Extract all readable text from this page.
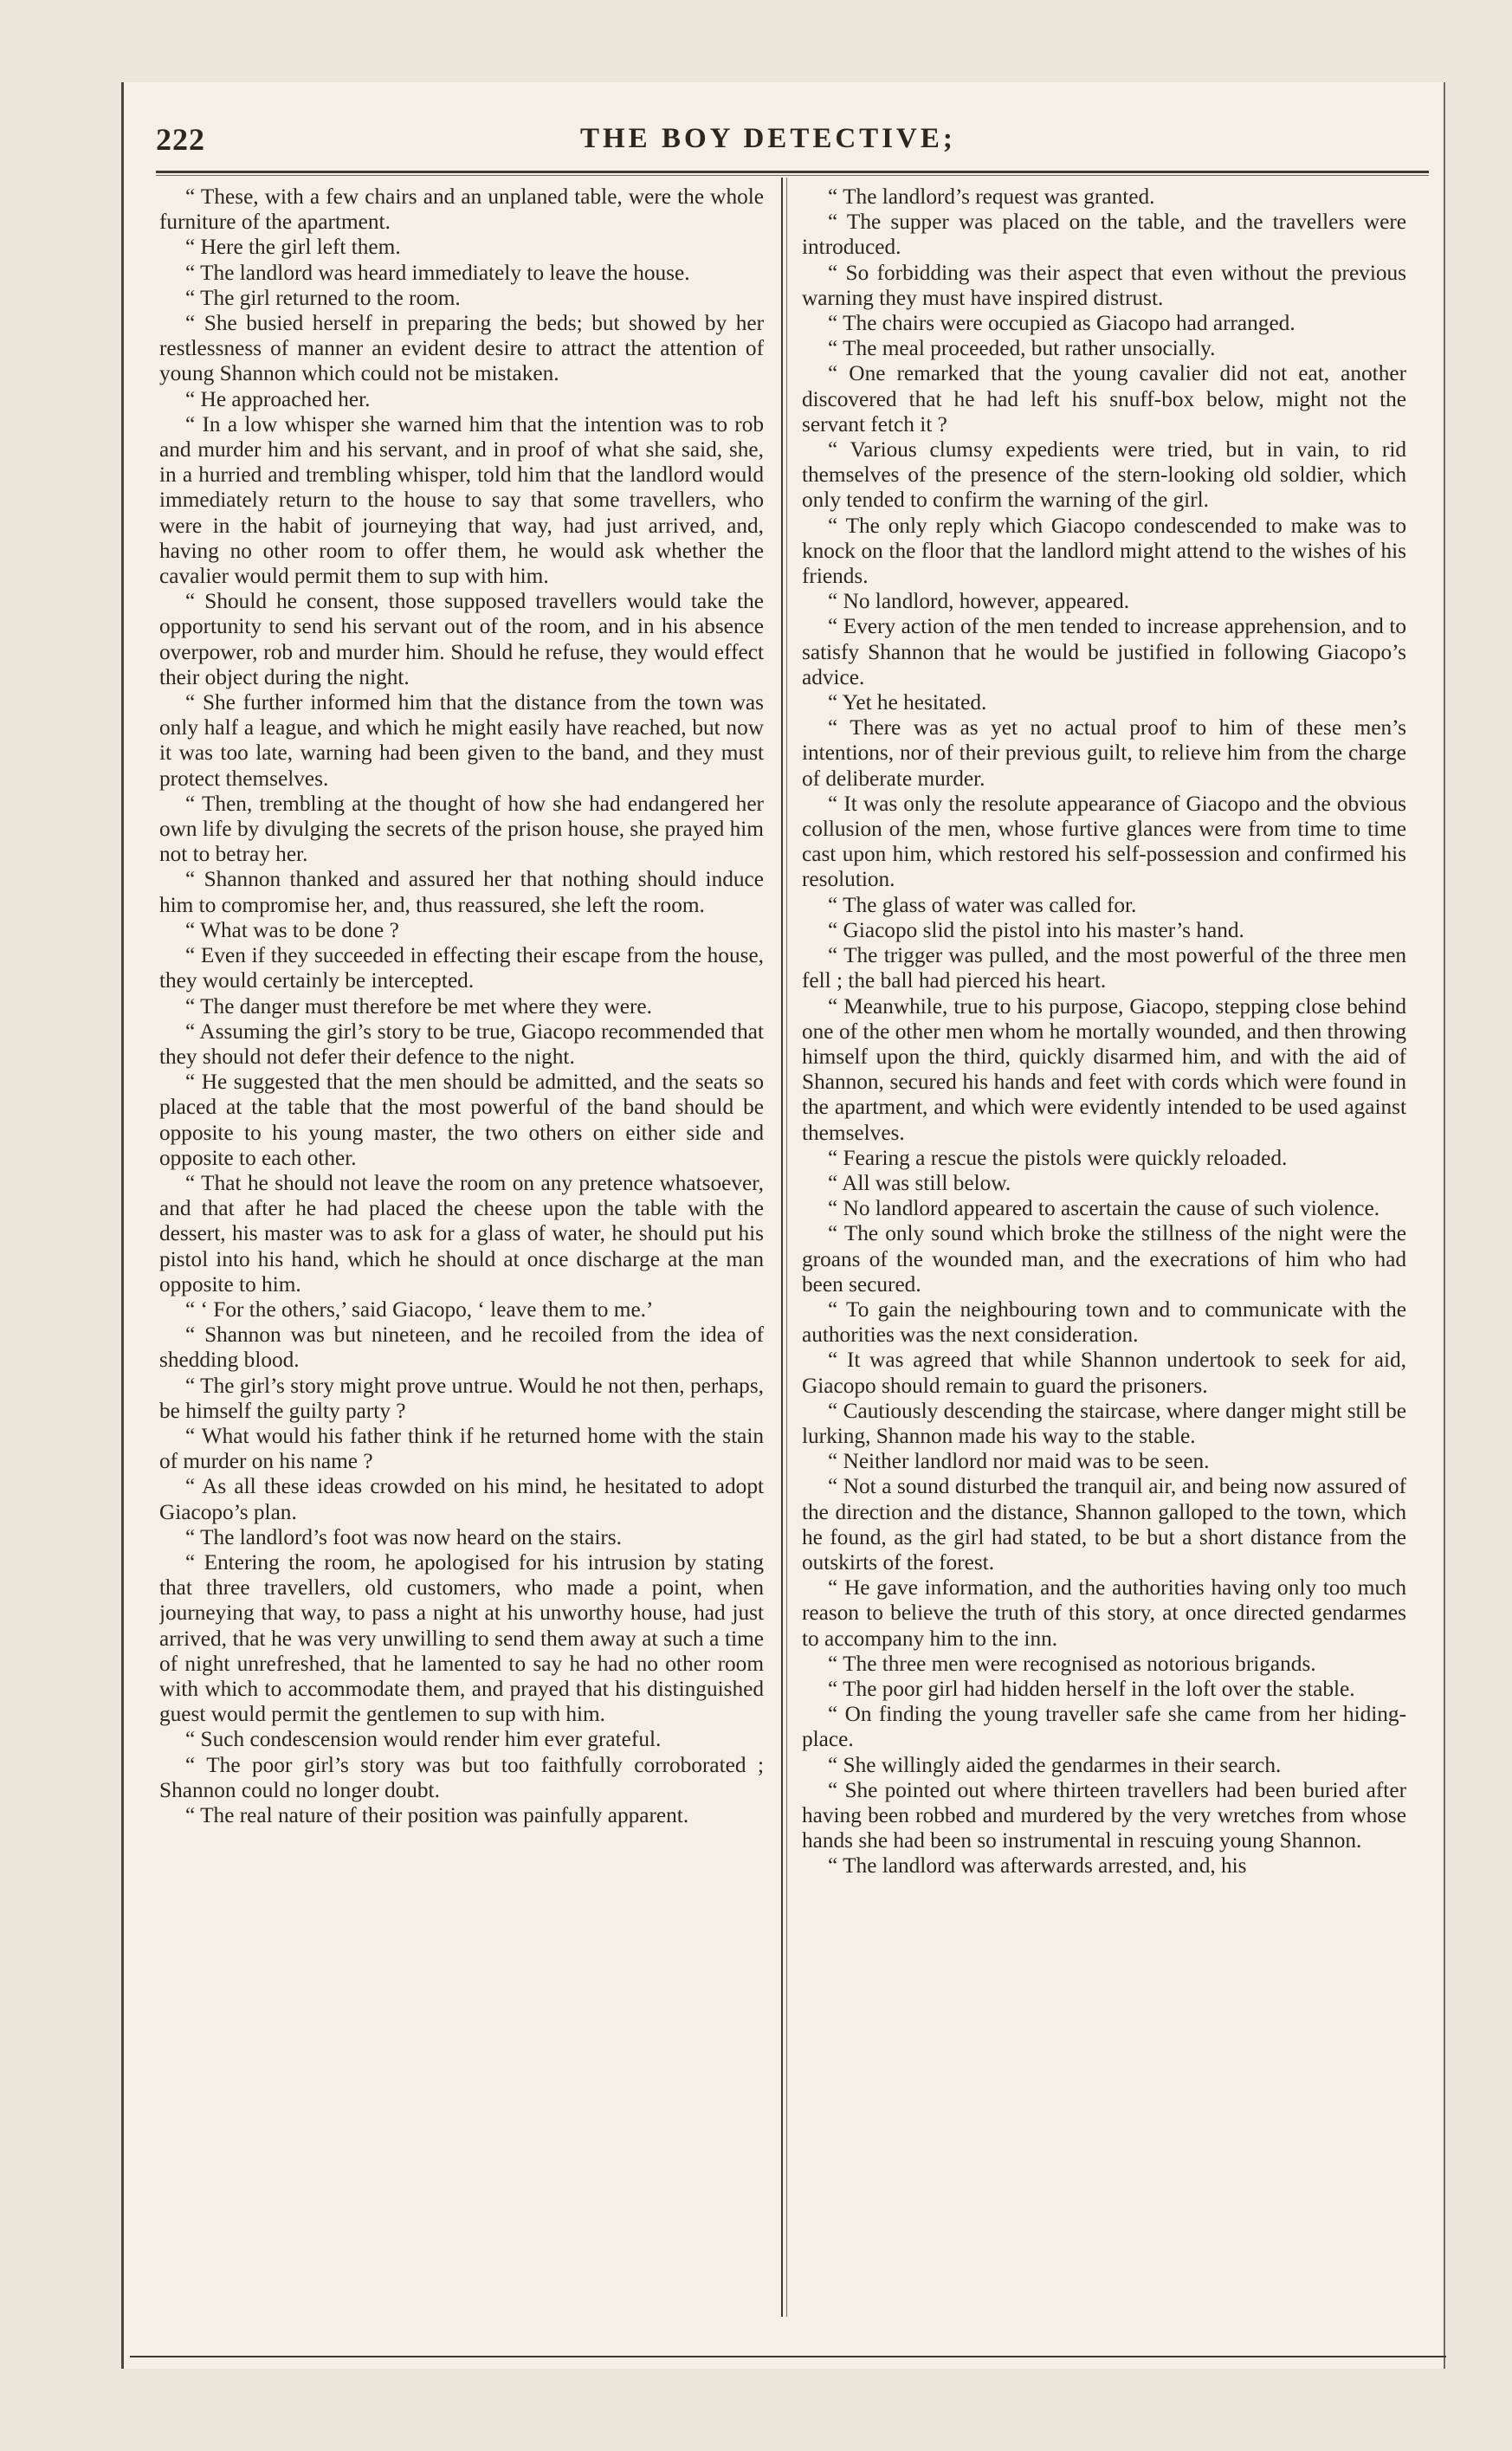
222	THE BOY DETECTIVE;

“ These, with a few chairs and an unplaned table, were the whole furniture of the apartment.

“ Here the girl left them.

“ The landlord was heard immediately to leave the house.

“ The girl returned to the room.

“ She busied herself in preparing the beds; but showed by her restlessness of manner an evident desire to attract the attention of young Shannon which could not be mistaken.

“ He approached her.

“ In a low whisper she warned him that the intention was to rob and murder him and his servant, and in proof of what she said, she, in a hurried and trembling whisper, told him that the landlord would immediately return to the house to say that some travellers, who were in the habit of journeying that way, had just arrived, and, having no other room to offer them, he would ask whether the cavalier would permit them to sup with him.

“ Should he consent, those supposed travellers would take the opportunity to send his servant out of the room, and in his absence overpower, rob and murder him. Should he refuse, they would effect their object during the night.

“ She further informed him that the distance from the town was only half a league, and which he might easily have reached, but now it was too late, warning had been given to the band, and they must protect themselves.

“ Then, trembling at the thought of how she had endangered her own life by divulging the secrets of the prison house, she prayed him not to betray her.

“ Shannon thanked and assured her that nothing should induce him to compromise her, and, thus reassured, she left the room.

“ What was to be done ?

“ Even if they succeeded in effecting their escape from the house, they would certainly be intercepted.

“ The danger must therefore be met where they were.

“ Assuming the girl’s story to be true, Giacopo recommended that they should not defer their defence to the night.

“ He suggested that the men should be admitted, and the seats so placed at the table that the most powerful of the band should be opposite to his young master, the two others on either side and opposite to each other.

“ That he should not leave the room on any pretence whatsoever, and that after he had placed the cheese upon the table with the dessert, his master was to ask for a glass of water, he should put his pistol into his hand, which he should at once discharge at the man opposite to him.

“ ‘ For the others,’ said Giacopo, ‘ leave them to me.’

“ Shannon was but nineteen, and he recoiled from the idea of shedding blood.

“ The girl’s story might prove untrue. Would he not then, perhaps, be himself the guilty party ?

“ What would his father think if he returned home with the stain of murder on his name ?

“ As all these ideas crowded on his mind, he hesitated to adopt Giacopo’s plan.

“ The landlord’s foot was now heard on the stairs.

“ Entering the room, he apologised for his intrusion by stating that three travellers, old customers, who made a point, when journeying that way, to pass a night at his unworthy house, had just arrived, that he was very unwilling to send them away at such a time of night unrefreshed, that he lamented to say he had no other room with which to accommodate them, and prayed that his distinguished guest would permit the gentlemen to sup with him.

“ Such condescension would render him ever grateful.

“ The poor girl’s story was but too faithfully corroborated ; Shannon could no longer doubt.

“ The real nature of their position was painfully apparent.

“ The landlord’s request was granted.

“ The supper was placed on the table, and the travellers were introduced.

“ So forbidding was their aspect that even without the previous warning they must have inspired distrust.

“ The chairs were occupied as Giacopo had arranged.

“ The meal proceeded, but rather unsocially.

“ One remarked that the young cavalier did not eat, another discovered that he had left his snuff-box below, might not the servant fetch it ?

“ Various clumsy expedients were tried, but in vain, to rid themselves of the presence of the stern-looking old soldier, which only tended to confirm the warning of the girl.

“ The only reply which Giacopo condescended to make was to knock on the floor that the landlord might attend to the wishes of his friends.

“ No landlord, however, appeared.

“ Every action of the men tended to increase apprehension, and to satisfy Shannon that he would be justified in following Giacopo’s advice.

“ Yet he hesitated.

“ There was as yet no actual proof to him of these men’s intentions, nor of their previous guilt, to relieve him from the charge of deliberate murder.

“ It was only the resolute appearance of Giacopo and the obvious collusion of the men, whose furtive glances were from time to time cast upon him, which restored his self-possession and confirmed his resolution.

“ The glass of water was called for.

“ Giacopo slid the pistol into his master’s hand.

“ The trigger was pulled, and the most powerful of the three men fell ; the ball had pierced his heart.

“ Meanwhile, true to his purpose, Giacopo, stepping close behind one of the other men whom he mortally wounded, and then throwing himself upon the third, quickly disarmed him, and with the aid of Shannon, secured his hands and feet with cords which were found in the apartment, and which were evidently intended to be used against themselves.

“ Fearing a rescue the pistols were quickly reloaded.

“ All was still below.

“ No landlord appeared to ascertain the cause of such violence.

“ The only sound which broke the stillness of the night were the groans of the wounded man, and the execrations of him who had been secured.

“ To gain the neighbouring town and to communicate with the authorities was the next consideration.

“ It was agreed that while Shannon undertook to seek for aid, Giacopo should remain to guard the prisoners.

“ Cautiously descending the staircase, where danger might still be lurking, Shannon made his way to the stable.

“ Neither landlord nor maid was to be seen.

“ Not a sound disturbed the tranquil air, and being now assured of the direction and the distance, Shannon galloped to the town, which he found, as the girl had stated, to be but a short distance from the outskirts of the forest.

“ He gave information, and the authorities having only too much reason to believe the truth of this story, at once directed gendarmes to accompany him to the inn.

“ The three men were recognised as notorious brigands.

“ The poor girl had hidden herself in the loft over the stable.

“ On finding the young traveller safe she came from her hiding-place.

“ She willingly aided the gendarmes in their search.

“ She pointed out where thirteen travellers had been buried after having been robbed and murdered by the very wretches from whose hands she had been so instrumental in rescuing young Shannon.

“ The landlord was afterwards arrested, and, his
